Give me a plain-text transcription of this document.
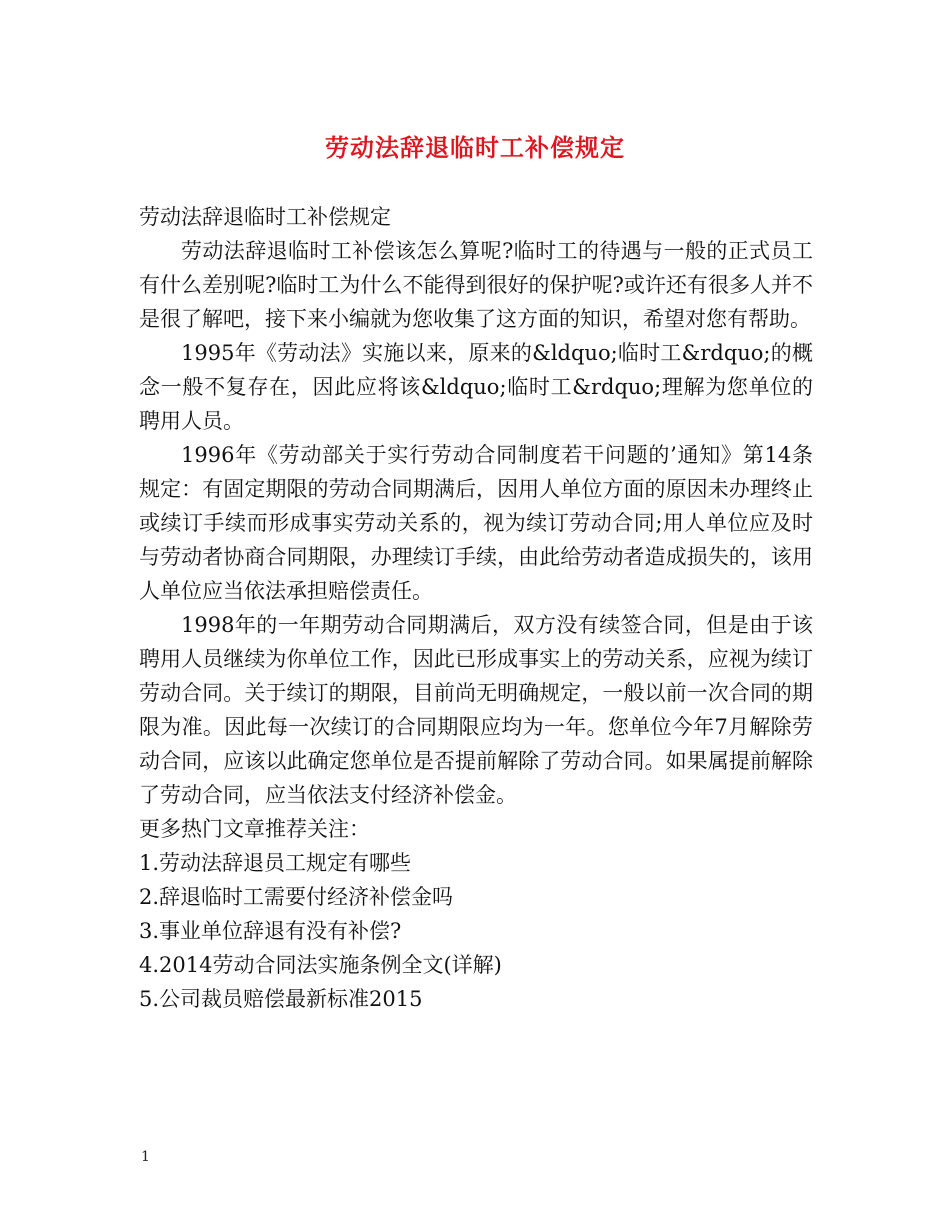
劳动法辞退临时工补偿规定

劳动法辞退临时工补偿规定

劳动法辞退临时工补偿该怎么算呢?临时工的待遇与一般的正式员工有什么差别呢?临时工为什么不能得到很好的保护呢?或许还有很多人并不是很了解吧，接下来小编就为您收集了这方面的知识，希望对您有帮助。

1995年《劳动法》实施以来，原来的&ldquo;临时工&rdquo;的概念一般不复存在，因此应将该&ldquo;临时工&rdquo;理解为您单位的聘用人员。

1996年《劳动部关于实行劳动合同制度若干问题的’通知》第14条规定：有固定期限的劳动合同期满后，因用人单位方面的原因未办理终止或续订手续而形成事实劳动关系的，视为续订劳动合同;用人单位应及时与劳动者协商合同期限，办理续订手续，由此给劳动者造成损失的，该用人单位应当依法承担赔偿责任。

1998年的一年期劳动合同期满后，双方没有续签合同，但是由于该聘用人员继续为你单位工作，因此已形成事实上的劳动关系，应视为续订劳动合同。关于续订的期限，目前尚无明确规定，一般以前一次合同的期限为准。因此每一次续订的合同期限应均为一年。您单位今年7月解除劳动合同，应该以此确定您单位是否提前解除了劳动合同。如果属提前解除了劳动合同，应当依法支付经济补偿金。

更多热门文章推荐关注：

1.劳动法辞退员工规定有哪些

2.辞退临时工需要付经济补偿金吗

3.事业单位辞退有没有补偿?

4.2014劳动合同法实施条例全文(详解)

5.公司裁员赔偿最新标准2015

1
